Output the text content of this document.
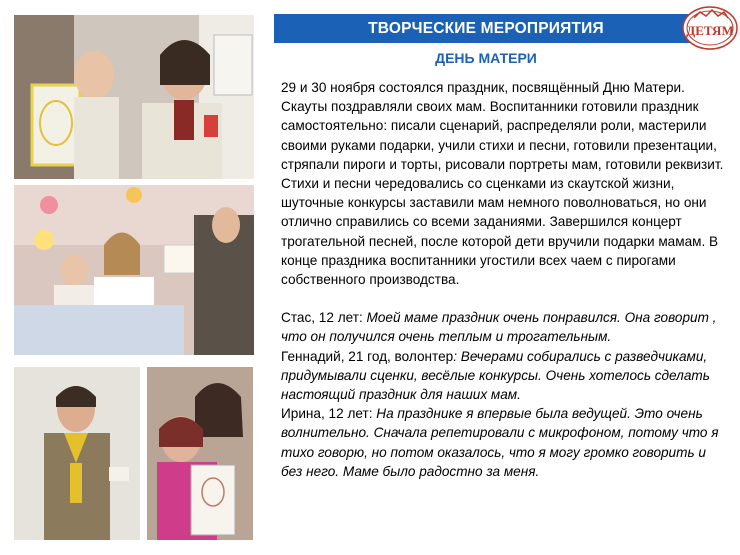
ТВОРЧЕСКИЕ МЕРОПРИЯТИЯ	ДЕТЯМ
ДЕНЬ МАТЕРИ

29 и 30 ноября состоялся праздник, посвящённый Дню Матери. Скауты поздравляли своих мам. Воспитанники готовили праздник самостоятельно: писали сценарий, распределяли роли, мастерили своими руками подарки, учили стихи и песни, готовили презентации, стряпали пироги и торты, рисовали портреты мам, готовили реквизит.

Стихи и песни чередовались со сценками из скаутской жизни, шуточные конкурсы заставили мам немного поволноваться, но они отлично справились со всеми заданиями. Завершился концерт трогательной песней, после которой дети вручили подарки мамам. В конце праздника воспитанники угостили всех чаем с пирогами собственного производства.

Стас, 12 лет: Моей маме праздник очень понравился. Она говорит , что он получился очень теплым и трогательным.

Геннадий, 21 год, волонтер: Вечерами собирались с разведчиками, придумывали сценки, весёлые конкурсы. Очень хотелось сделать настоящий праздник для наших мам.

Ирина, 12 лет: На празднике я впервые была ведущей. Это очень волнительно. Сначала репетировали с микрофоном, потому что я тихо говорю, но потом оказалось, что я могу громко говорить и без него. Маме было радостно за меня.
